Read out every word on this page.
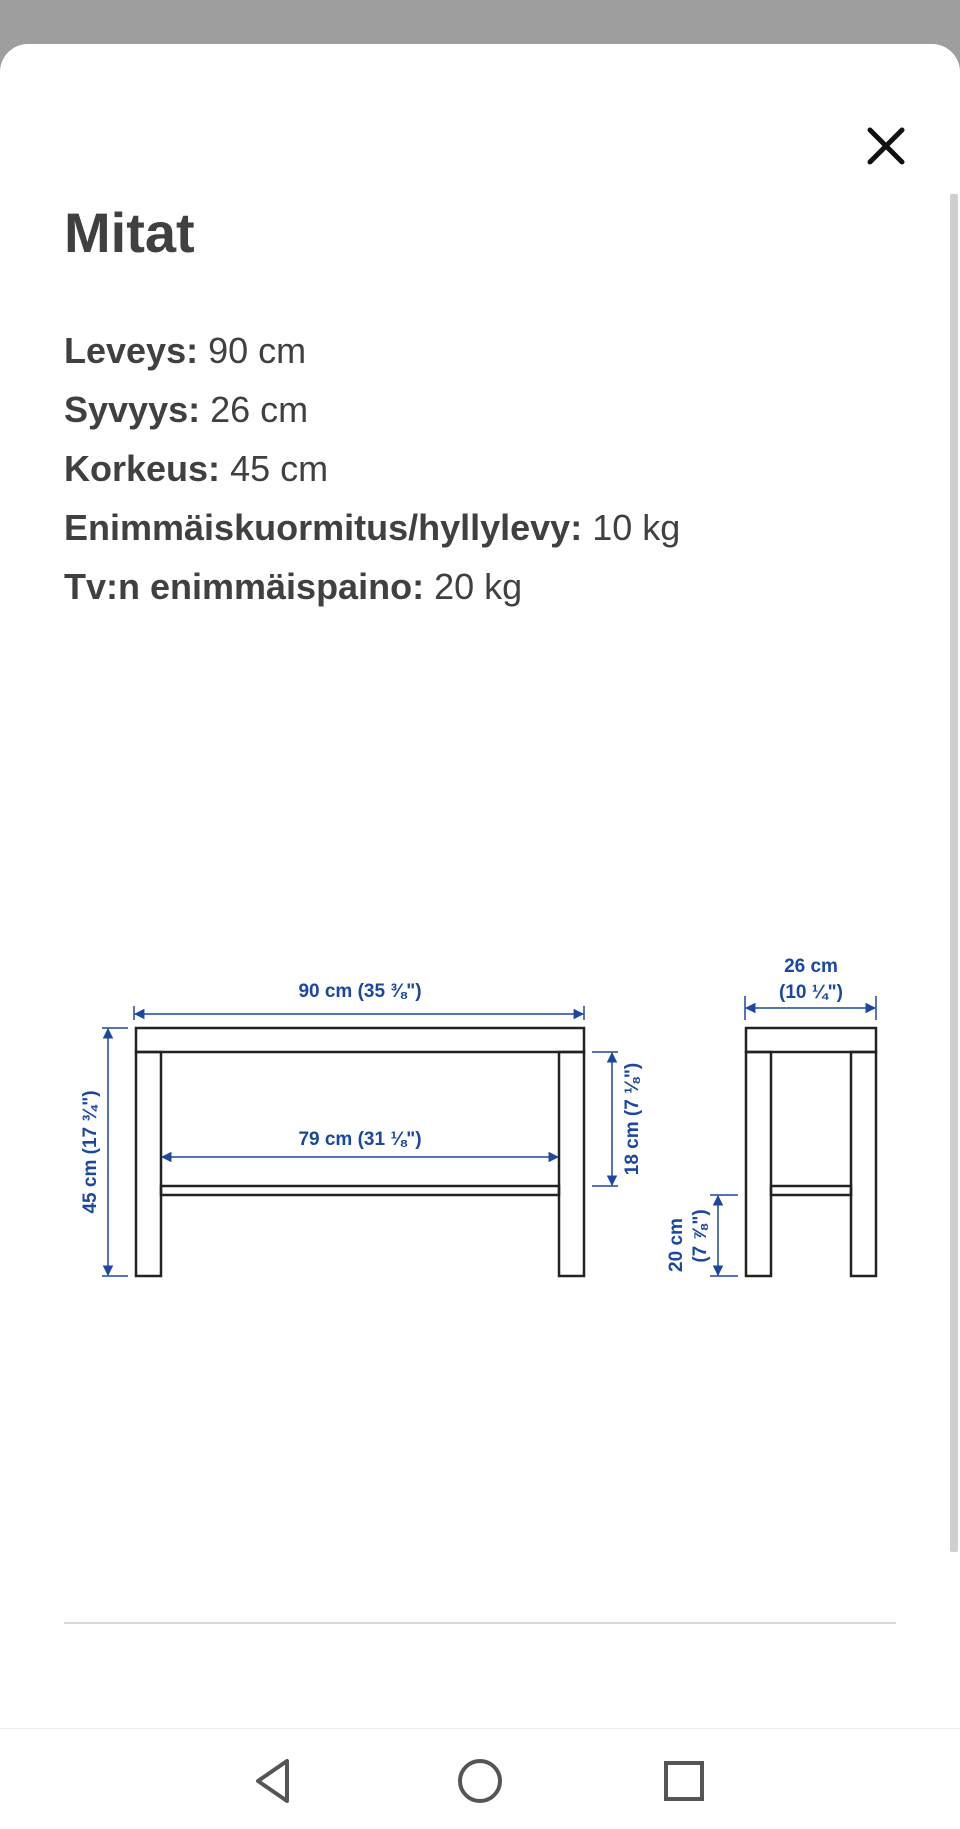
Mitat
Leveys: 90 cm
Syvyys: 26 cm
Korkeus: 45 cm
Enimmäiskuormitus/hyllylevy: 10 kg
Tv:n enimmäispaino: 20 kg
90 cm (35 ⅜")
79 cm (31 ⅛")
45 cm (17 ¾")	18 cm (7 ⅛")
26 cm
(10 ¼")
20 cm (7 ⅞")
